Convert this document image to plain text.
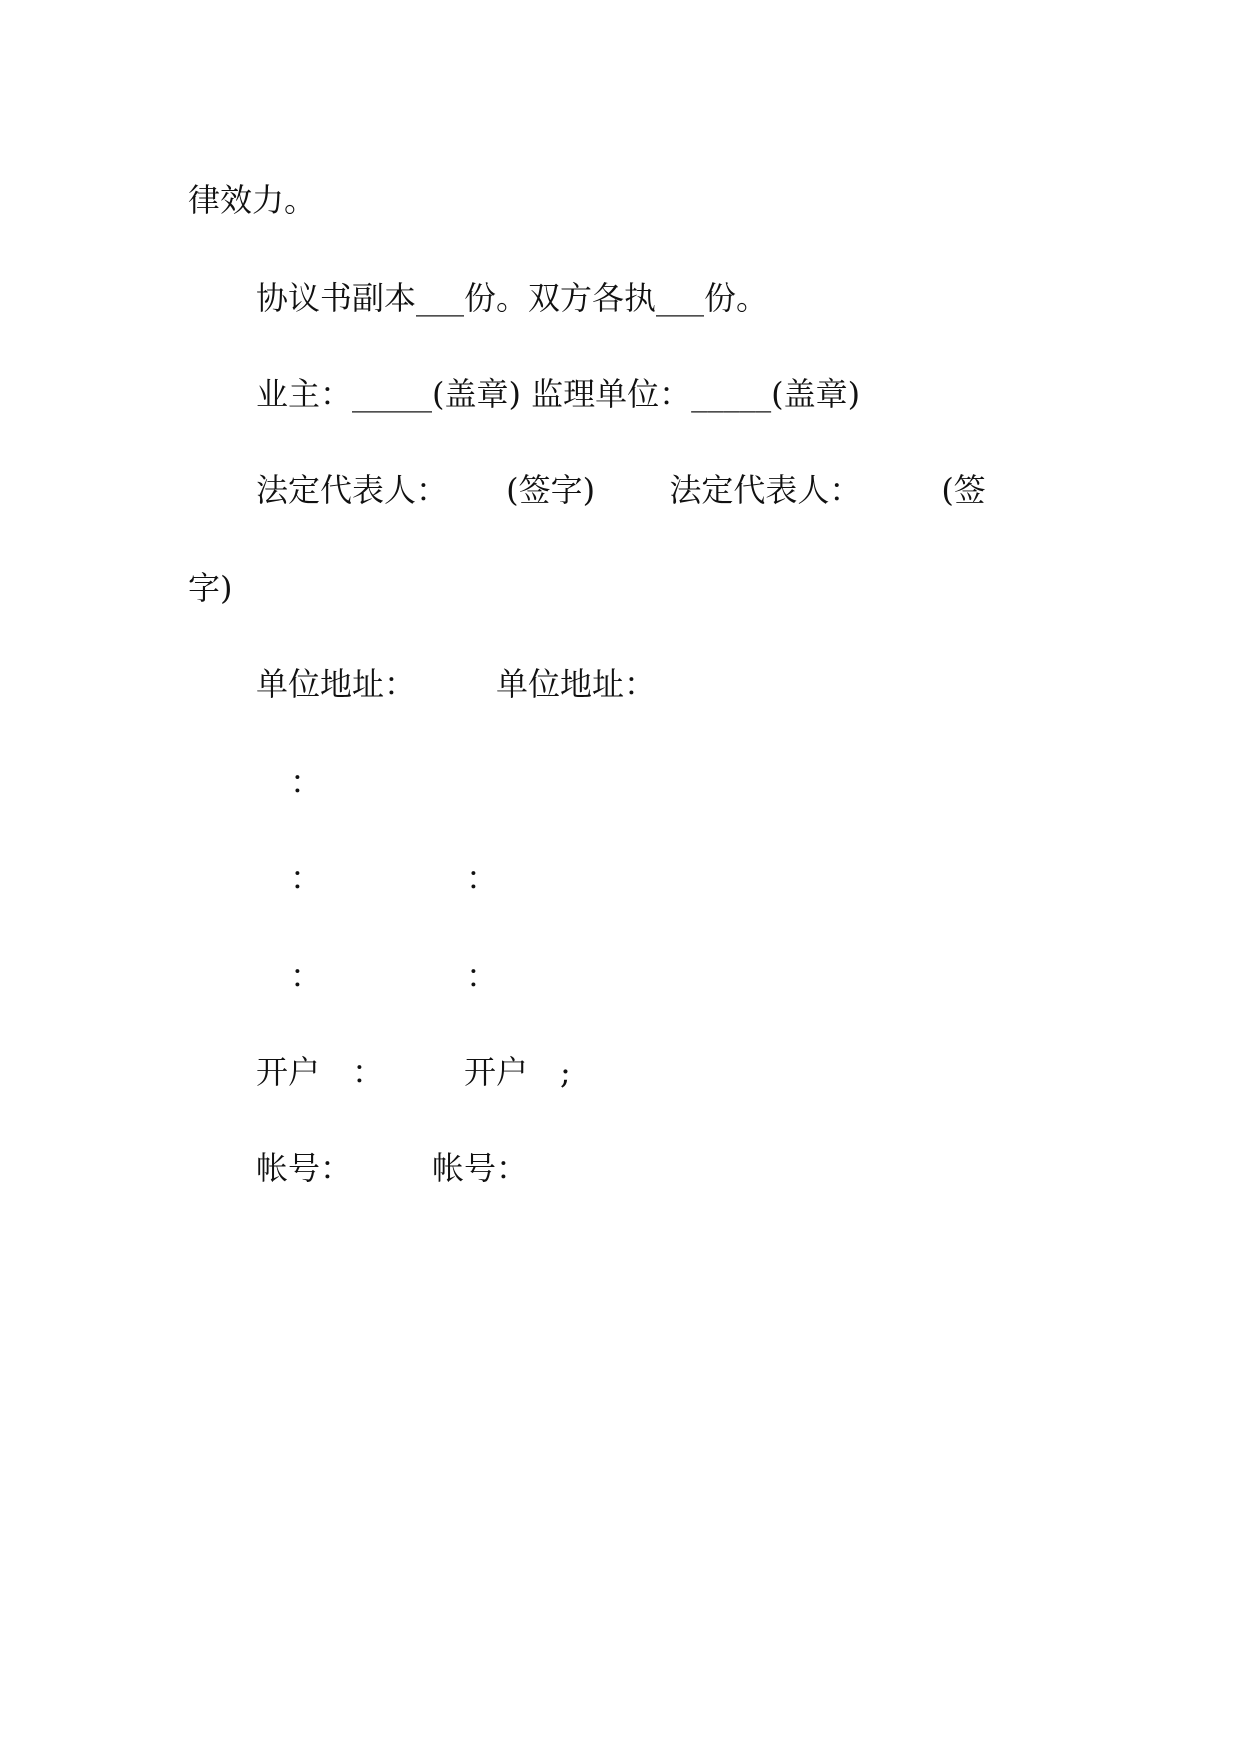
律效力。
协议书副本___份。双方各执___份。
业主：_____(盖章) 监理单位：_____(盖章)
法定代表人：　　 (签字)　　 法定代表人：　　　(签
字)
单位地址：　　　单位地址：
：
：　　　　　：
：　　　　　：
开户　：　　　开户　;
帐号：　　　帐号：
